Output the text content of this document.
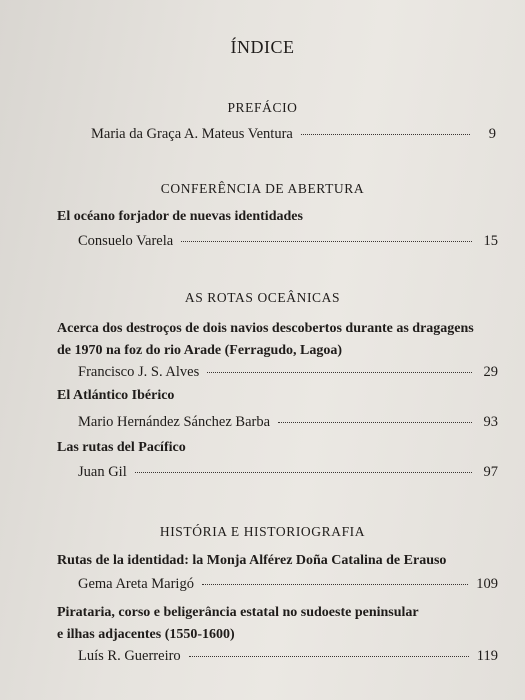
ÍNDICE
PREFÁCIO
Maria da Graça A. Mateus Ventura	9
CONFERÊNCIA DE ABERTURA
El océano forjador de nuevas identidades
Consuelo Varela	15
AS ROTAS OCEÂNICAS
Acerca dos destroços de dois navios descobertos durante as dragagens
de 1970 na foz do rio Arade (Ferragudo, Lagoa)
Francisco J. S. Alves	29
El Atlántico Ibérico
Mario Hernández Sánchez Barba	93
Las rutas del Pacífico
Juan Gil	97
HISTÓRIA E HISTORIOGRAFIA
Rutas de la identidad: la Monja Alférez Doña Catalina de Erauso
Gema Areta Marigó	109
Pirataria, corso e beligerância estatal no sudoeste peninsular
e ilhas adjacentes (1550-1600)
Luís R. Guerreiro	119
